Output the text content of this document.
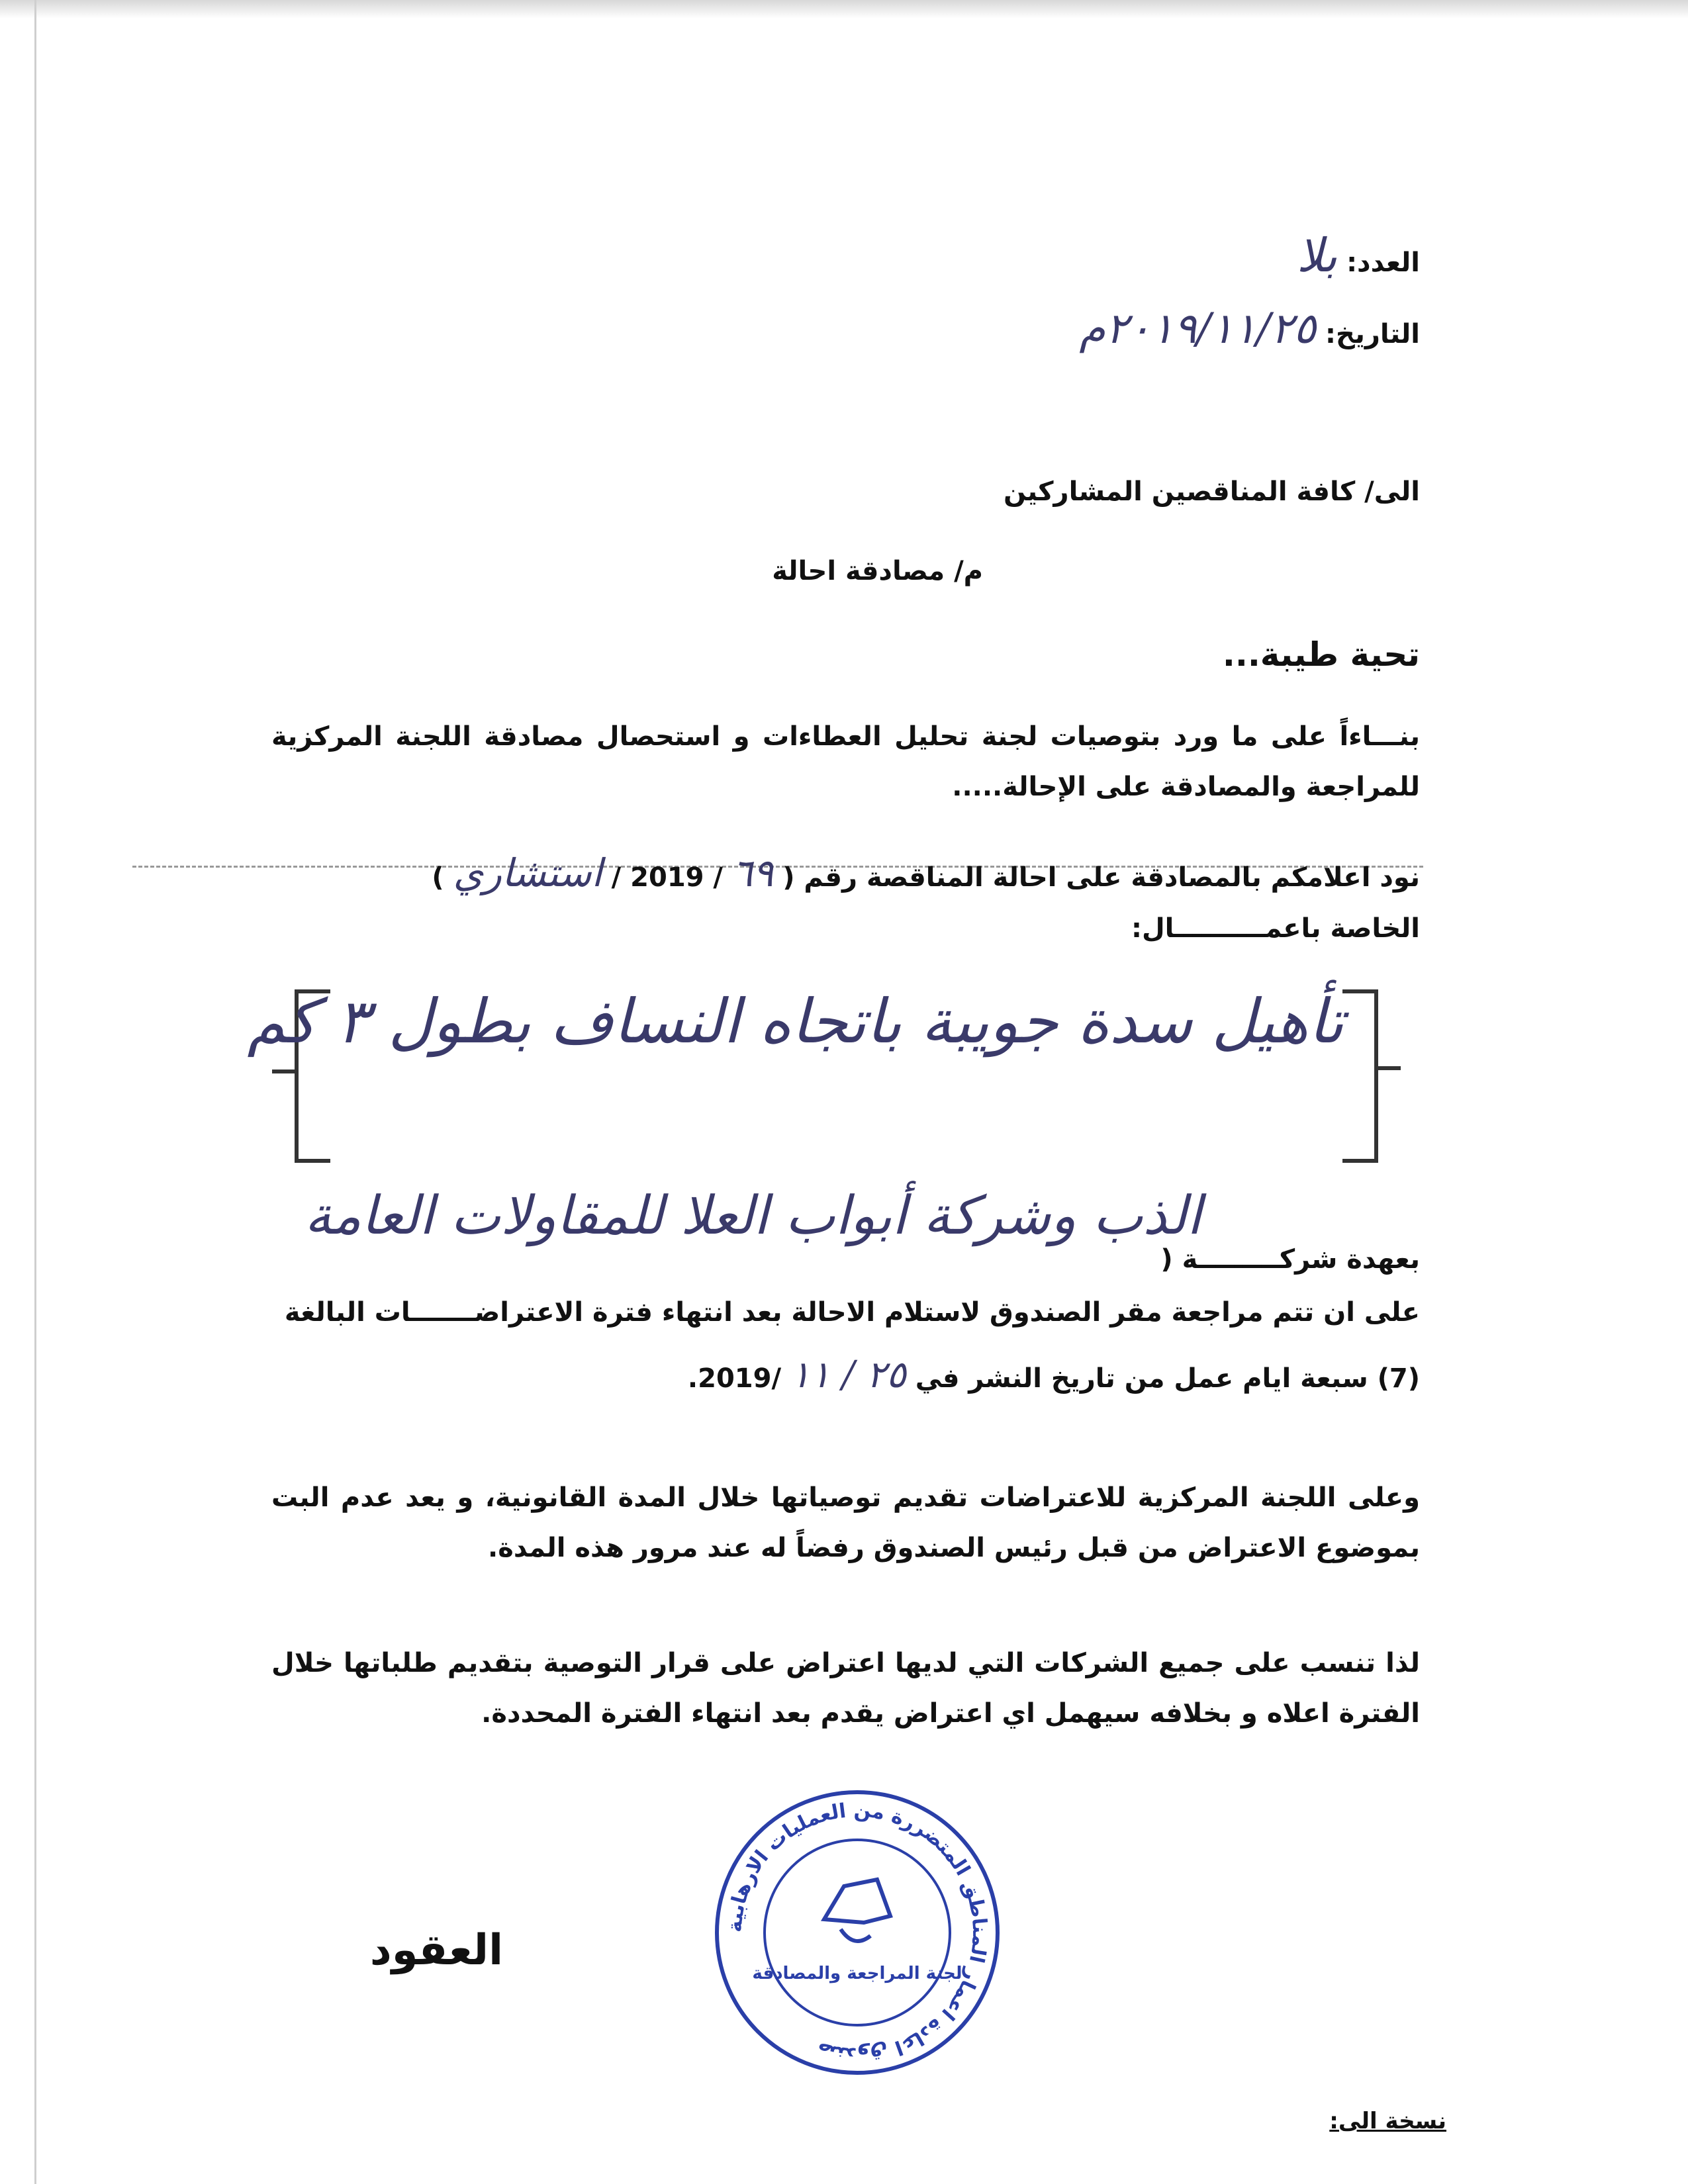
العدد: بلا
التاريخ: ٢٠١٩/١١/٢٥م
الى/ كافة المناقصين المشاركين
م/ مصادقة احالة
تحية طيبة...
بنـــاءاً على ما ورد بتوصيات لجنة تحليل العطاءات و استحصال مصادقة اللجنة المركزية للمراجعة والمصادقة على الإحالة.....
نود اعلامكم بالمصادقة على احالة المناقصة رقم ( ٦٩ / 2019 / استشاري )
الخاصة باعمــــــــــال:
تأهيل سدة جويبة باتجاه النساف بطول ٣ كم
بعهدة شركـــــــــة (
الذب وشركة أبواب العلا للمقاولات العامة
على ان تتم مراجعة مقر الصندوق لاستلام الاحالة بعد انتهاء فترة الاعتراضـــــــات البالغة
(7) سبعة ايام عمل من تاريخ النشر في ٢٥ / ١١ /2019.
وعلى اللجنة المركزية للاعتراضات تقديم توصياتها خلال المدة القانونية، و يعد عدم البت بموضوع الاعتراض من قبل رئيس الصندوق رفضاً له عند مرور هذه المدة.
لذا تنسب على جميع الشركات التي لديها اعتراض على قرار التوصية بتقديم طلباتها خلال الفترة اعلاه و بخلافه سيهمل اي اعتراض يقدم بعد انتهاء الفترة المحددة.
العقود	صندوق اعادة اعمار المناطق المتضررة من العمليات الارهابية
لجنة المراجعة والمصادقة
نسخة الى:
